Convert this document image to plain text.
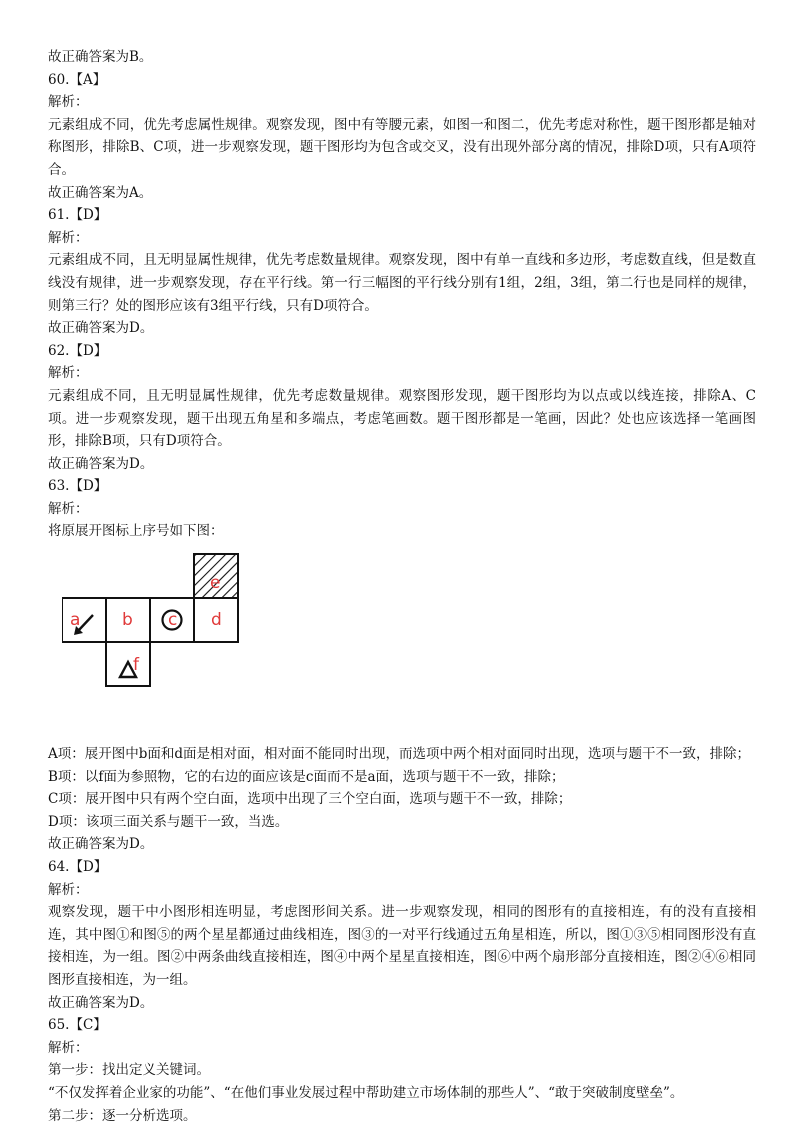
故正确答案为B。

60.【A】

解析：

元素组成不同，优先考虑属性规律。观察发现，图中有等腰元素，如图一和图二，优先考虑对称性，题干图形都是轴对称图形，排除B、C项，进一步观察发现，题干图形均为包含或交叉，没有出现外部分离的情况，排除D项，只有A项符合。

故正确答案为A。

61.【D】

解析：

元素组成不同，且无明显属性规律，优先考虑数量规律。观察发现，图中有单一直线和多边形，考虑数直线，但是数直线没有规律，进一步观察发现，存在平行线。第一行三幅图的平行线分别有1组，2组，3组，第二行也是同样的规律，则第三行？处的图形应该有3组平行线，只有D项符合。

故正确答案为D。

62.【D】

解析：

元素组成不同，且无明显属性规律，优先考虑数量规律。观察图形发现，题干图形均为以点或以线连接，排除A、C项。进一步观察发现，题干出现五角星和多端点，考虑笔画数。题干图形都是一笔画，因此？处也应该选择一笔画图形，排除B项，只有D项符合。

故正确答案为D。

63.【D】

解析：

将原展开图标上序号如下图：

a b c d
e
f

A项：展开图中b面和d面是相对面，相对面不能同时出现，而选项中两个相对面同时出现，选项与题干不一致，排除；

B项：以f面为参照物，它的右边的面应该是c面而不是a面，选项与题干不一致，排除；

C项：展开图中只有两个空白面，选项中出现了三个空白面，选项与题干不一致，排除；

D项：该项三面关系与题干一致，当选。

故正确答案为D。

64.【D】

解析：

观察发现，题干中小图形相连明显，考虑图形间关系。进一步观察发现，相同的图形有的直接相连，有的没有直接相连，其中图①和图⑤的两个星星都通过曲线相连，图③的一对平行线通过五角星相连，所以，图①③⑤相同图形没有直接相连，为一组。图②中两条曲线直接相连，图④中两个星星直接相连，图⑥中两个扇形部分直接相连，图②④⑥相同图形直接相连，为一组。

故正确答案为D。

65.【C】

解析：

第一步：找出定义关键词。

“不仅发挥着企业家的功能”、“在他们事业发展过程中帮助建立市场体制的那些人”、“敢于突破制度壁垒”。

第二步：逐一分析选项。
